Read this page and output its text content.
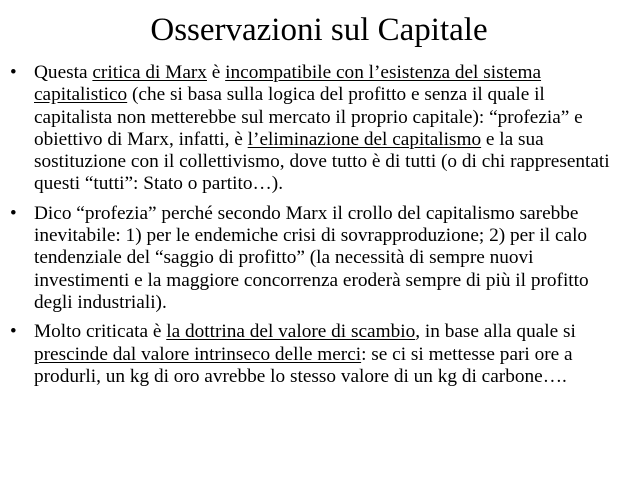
Osservazioni sul Capitale
• Questa critica di Marx è incompatibile con l’esistenza del sistema capitalistico (che si basa sulla logica del profitto e senza il quale il capitalista non metterebbe sul mercato il proprio capitale): “profezia” e obiettivo di Marx, infatti, è l’eliminazione del capitalismo e la sua sostituzione con il collettivismo, dove tutto è di tutti (o di chi rappresentati questi “tutti”: Stato o partito…).
• Dico “profezia” perché secondo Marx il crollo del capitalismo sarebbe inevitabile: 1) per le endemiche crisi di sovrapproduzione; 2) per il calo tendenziale del “saggio di profitto” (la necessità di sempre nuovi investimenti e la maggiore concorrenza eroderà sempre di più il profitto degli industriali).
• Molto criticata è la dottrina del valore di scambio, in base alla quale si prescinde dal valore intrinseco delle merci: se ci si mettesse pari ore a produrli, un kg di oro avrebbe lo stesso valore di un kg di carbone….
